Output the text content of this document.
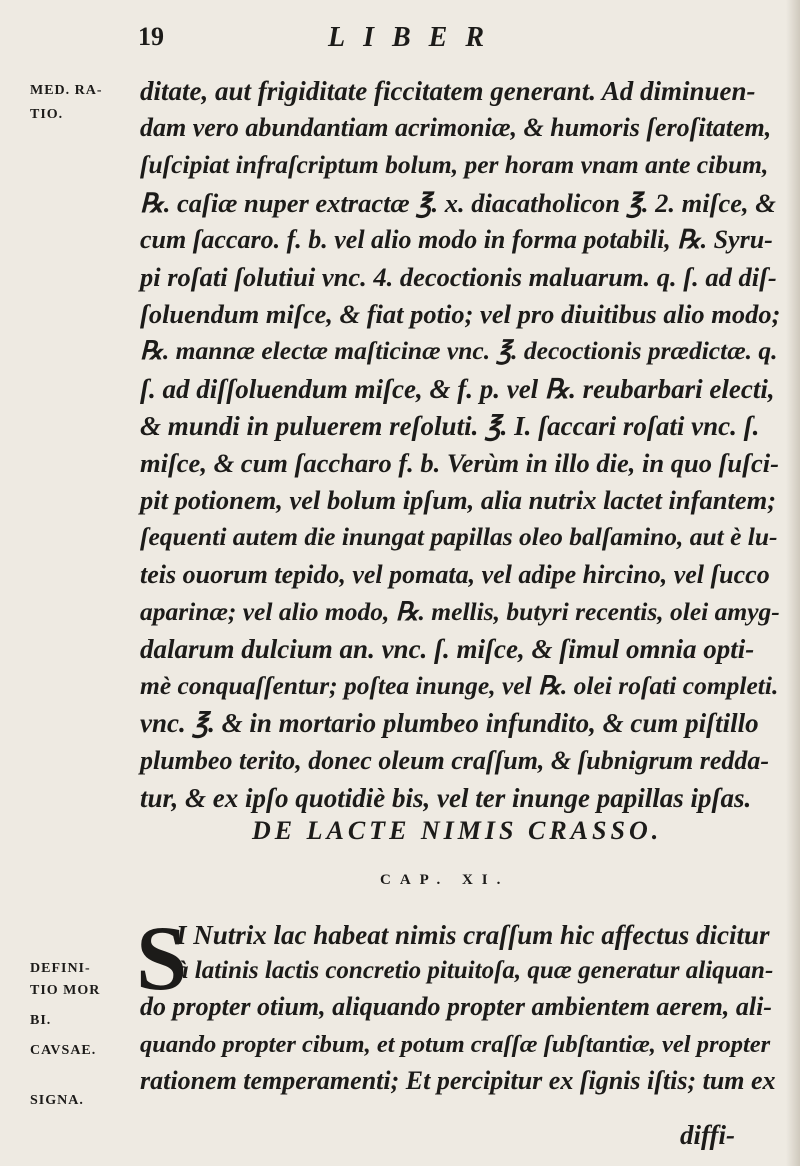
19	LIBER
MED. RA-
TIO.
DEFINI-
TIO MOR
BI.
CAVSAE.
SIGNA.
ditate, aut frigiditate ficcitatem generant. Ad diminuen-
dam vero abundantiam acrimoniæ, & humoris ſeroſitatem,
ſuſcipiat infraſcriptum bolum, per horam vnam ante cibum,
℞. caſiæ nuper extractæ ℥. x. diacatholicon ℥. 2. miſce, &
cum ſaccaro. f. b. vel alio modo in forma potabili, ℞. Syru-
pi roſati ſolutiui vnc. 4. decoctionis maluarum. q. ſ. ad diſ-
ſoluendum miſce, & fiat potio; vel pro diuitibus alio modo;
℞. mannæ electæ maſticinæ vnc. ℥. decoctionis prædictæ. q.
ſ. ad diſſoluendum miſce, & f. p. vel ℞. reubarbari electi,
& mundi in puluerem reſoluti. ℥. I. ſaccari roſati vnc. ſ.
miſce, & cum ſaccharo f. b. Verùm in illo die, in quo ſuſci-
pit potionem, vel bolum ipſum, alia nutrix lactet infantem;
ſequenti autem die inungat papillas oleo balſamino, aut è lu-
teis ouorum tepido, vel pomata, vel adipe hircino, vel ſucco
aparinæ; vel alio modo, ℞. mellis, butyri recentis, olei amyg-
dalarum dulcium an. vnc. ſ. miſce, & ſimul omnia opti-
mè conquaſſentur; poſtea inunge, vel ℞. olei roſati completi.
vnc. ℥. & in mortario plumbeo infundito, & cum piſtillo
plumbeo terito, donec oleum craſſum, & ſubnigrum redda-
tur, & ex ipſo quotidiè bis, vel ter inunge papillas ipſas.
DE LACTE NIMIS CRASSO.
CAP. XI.
S
I Nutrix lac habeat nimis craſſum hic affectus dicitur
à latinis lactis concretio pituitoſa, quæ generatur aliquan-
do propter otium, aliquando propter ambientem aerem, ali-
quando propter cibum, et potum craſſæ ſubſtantiæ, vel propter
rationem temperamenti; Et percipitur ex ſignis iſtis; tum ex
diffi-
